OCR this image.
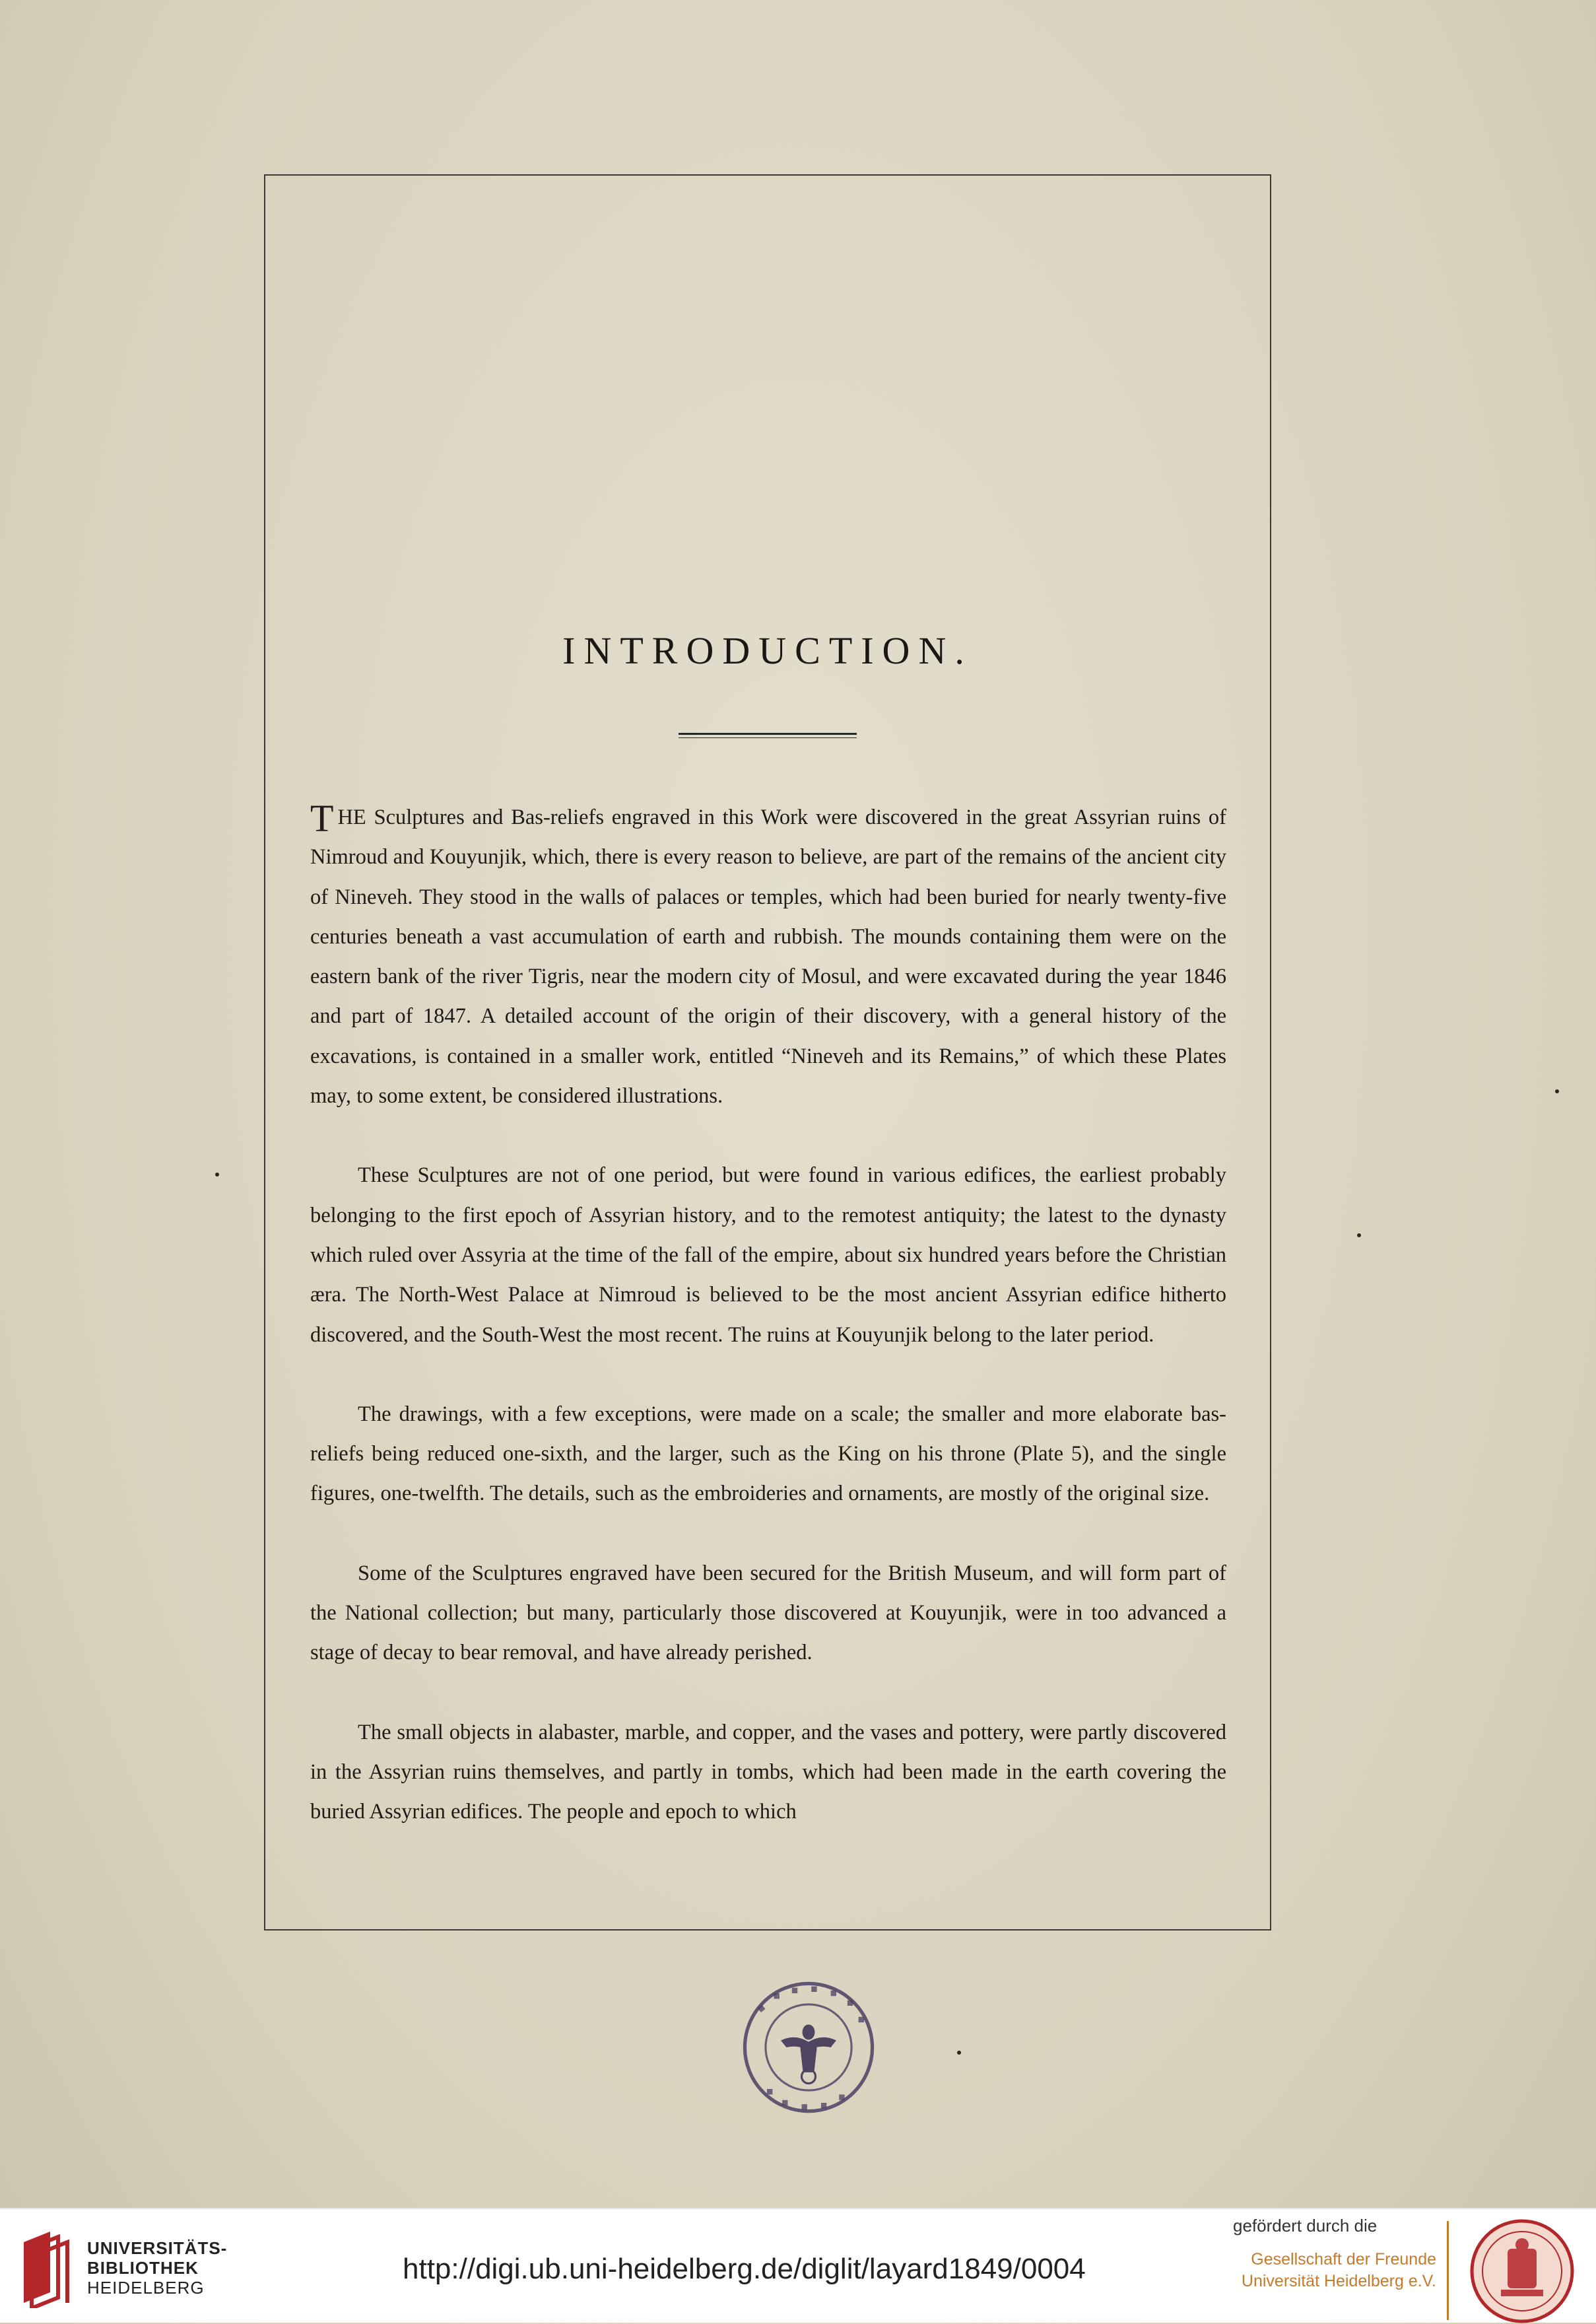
INTRODUCTION.

THE Sculptures and Bas-reliefs engraved in this Work were discovered in the great Assyrian ruins of Nimroud and Kouyunjik, which, there is every reason to believe, are part of the remains of the ancient city of Nineveh. They stood in the walls of palaces or temples, which had been buried for nearly twenty-five centuries beneath a vast accumulation of earth and rubbish. The mounds containing them were on the eastern bank of the river Tigris, near the modern city of Mosul, and were excavated during the year 1846 and part of 1847. A detailed account of the origin of their discovery, with a general history of the excavations, is contained in a smaller work, entitled “Nineveh and its Remains,” of which these Plates may, to some extent, be considered illustrations.

These Sculptures are not of one period, but were found in various edifices, the earliest probably belonging to the first epoch of Assyrian history, and to the remotest antiquity; the latest to the dynasty which ruled over Assyria at the time of the fall of the empire, about six hundred years before the Christian æra. The North-West Palace at Nimroud is believed to be the most ancient Assyrian edifice hitherto discovered, and the South-West the most recent. The ruins at Kouyunjik belong to the later period.

The drawings, with a few exceptions, were made on a scale; the smaller and more elaborate bas-reliefs being reduced one-sixth, and the larger, such as the King on his throne (Plate 5), and the single figures, one-twelfth. The details, such as the embroideries and ornaments, are mostly of the original size.

Some of the Sculptures engraved have been secured for the British Museum, and will form part of the National collection; but many, particularly those discovered at Kouyunjik, were in too advanced a stage of decay to bear removal, and have already perished.

The small objects in alabaster, marble, and copper, and the vases and pottery, were partly discovered in the Assyrian ruins themselves, and partly in tombs, which had been made in the earth covering the buried Assyrian edifices. The people and epoch to which

UNIVERSITÄTS-
BIBLIOTHEK
HEIDELBERG
http://digi.ub.uni-heidelberg.de/diglit/layard1849/0004
gefördert durch die
Gesellschaft der Freunde
Universität Heidelberg e.V.
